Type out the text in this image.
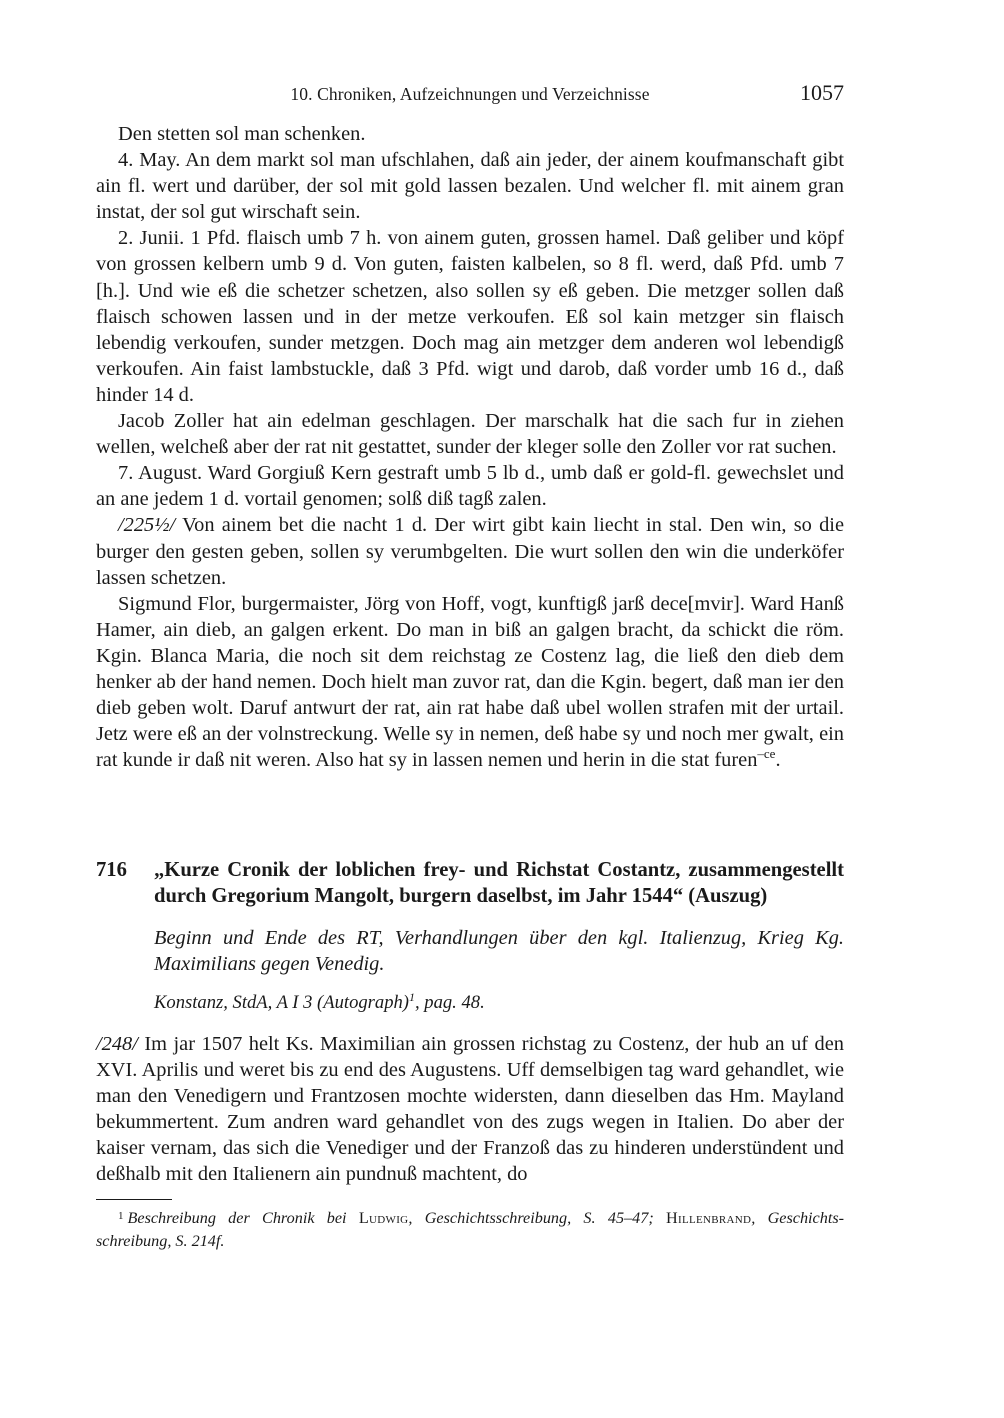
10. Chroniken, Aufzeichnungen und Verzeichnisse	1057

Den stetten sol man schenken.

4. May. An dem markt sol man ufschlahen, daß ain jeder, der ainem koufmanschaft gibt ain fl. wert und darüber, der sol mit gold lassen bezalen. Und welcher fl. mit ainem gran instat, der sol gut wirschaft sein.

2. Junii. 1 Pfd. flaisch umb 7 h. von ainem guten, grossen hamel. Daß geliber und köpf von grossen kelbern umb 9 d. Von guten, faisten kalbelen, so 8 fl. werd, daß Pfd. umb 7 [h.]. Und wie eß die schetzer schetzen, also sollen sy eß geben. Die metzger sollen daß flaisch schowen lassen und in der metze verkoufen. Eß sol kain metzger sin flaisch lebendig verkoufen, sunder metzgen. Doch mag ain metzger dem anderen wol lebendigß verkoufen. Ain faist lambstuckle, daß 3 Pfd. wigt und darob, daß vorder umb 16 d., daß hinder 14 d.

Jacob Zoller hat ain edelman geschlagen. Der marschalk hat die sach fur in ziehen wellen, welcheß aber der rat nit gestattet, sunder der kleger solle den Zoller vor rat suchen.

7. August. Ward Gorgiuß Kern gestraft umb 5 lb d., umb daß er gold-fl. gewechslet und an ane jedem 1 d. vortail genomen; solß diß tagß zalen.

/225½/ Von ainem bet die nacht 1 d. Der wirt gibt kain liecht in stal. Den win, so die burger den gesten geben, sollen sy verumbgelten. Die wurt sollen den win die underköfer lassen schetzen.

Sigmund Flor, burgermaister, Jörg von Hoff, vogt, kunftigß jarß dece[mvir]. Ward Hanß Hamer, ain dieb, an galgen erkent. Do man in biß an galgen bracht, da schickt die röm. Kgin. Blanca Maria, die noch sit dem reichstag ze Costenz lag, die ließ den dieb dem henker ab der hand nemen. Doch hielt man zuvor rat, dan die Kgin. begert, daß man ier den dieb geben wolt. Daruf antwurt der rat, ain rat habe daß ubel wollen strafen mit der urtail. Jetz were eß an der volnstreckung. Welle sy in nemen, deß habe sy und noch mer gwalt, ein rat kunde ir daß nit weren. Also hat sy in lassen nemen und herin in die stat furen$^{-ce}$.

716 „Kurze Cronik der loblichen frey- und Richstat Costantz, zusammengestellt durch Gregorium Mangolt, burgern daselbst, im Jahr 1544“ (Auszug)
Beginn und Ende des RT, Verhandlungen über den kgl. Italienzug, Krieg Kg. Maximilians gegen Venedig.
Konstanz, StdA, A I 3 (Autograph)$^1$, pag. 48.

/248/ Im jar 1507 helt Ks. Maximilian ain grossen richstag zu Costenz, der hub an uf den XVI. Aprilis und weret bis zu end des Augustens. Uff demselbigen tag ward gehandlet, wie man den Venedigern und Frantzosen mochte widersten, dann dieselben das Hm. Mayland bekummertent. Zum andren ward gehandlet von des zugs wegen in Italien. Do aber der kaiser vernam, das sich die Venediger und der Franzoß das zu hinderen understündent und deßhalb mit den Italienern ain pundnuß machtent, do

$^1$ Beschreibung der Chronik bei Ludwig, Geschichtsschreibung, S. 45–47; Hillenbrand, Geschichts-schreibung, S. 214f.
